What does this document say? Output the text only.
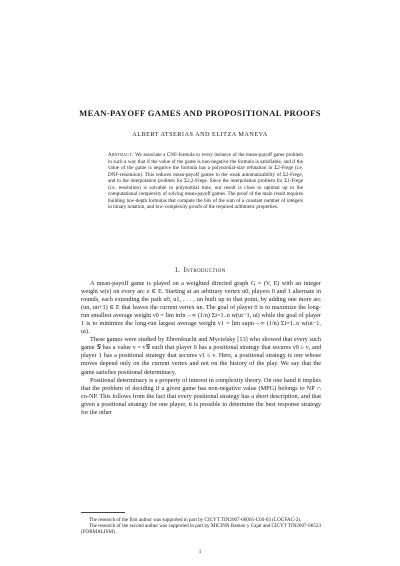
MEAN-PAYOFF GAMES AND PROPOSITIONAL PROOFS
ALBERT ATSERIAS AND ELITZA MANEVA
Abstract. We associate a CNF-formula to every instance of the mean-payoff game problem in such a way that if the value of the game is non-negative the formula is satisfiable, and if the value of the game is negative the formula has a polynomial-size refutation in Σ2-Frege (i.e. DNF-resolution). This reduces mean-payoff games to the weak automatizability of Σ2-Frege, and to the interpolation problem for Σ2,2-Frege. Since the interpolation problem for Σ1-Frege (i.e. resolution) is solvable in polynomial time, our result is close to optimal up to the computational complexity of solving mean-payoff games. The proof of the main result requires building low-depth formulas that compute the bits of the sum of a constant number of integers in binary notation, and low-complexity proofs of the required arithmetic properties.
1. Introduction

A mean-payoff game is played on a weighted directed graph G = (V, E) with an integer weight w(e) on every arc e ∈ E. Starting at an arbitrary vertex u0, players 0 and 1 alternate in rounds, each extending the path u0, u1, . . . , un built up to that point, by adding one more arc (un, un+1) ∈ E that leaves the current vertex un. The goal of player 0 is to maximize the long-run smallest average weight ν0 = lim infn→∞ (1/n) Σi=1..n w(ui−1, ui) while the goal of player 1 is to minimize the long-run largest average weight ν1 = lim supn→∞ (1/n) Σi=1..n w(ui−1, ui).

These games were studied by Ehrenfeucht and Mycielsky [13] who showed that every such game 𝒢 has a value ν = ν𝒢 such that player 0 has a positional strategy that secures ν0 ≥ ν, and player 1 has a positional strategy that secures ν1 ≤ ν. Here, a positional strategy is one whose moves depend only on the current vertex and not on the history of the play. We say that the game satisfies positional determinacy.

Positional determinacy is a property of interest in complexity theory. On one hand it implies that the problem of deciding if a given game has non-negative value (MPG) belongs to NP ∩ co-NP. This follows from the fact that every positional strategy has a short description, and that given a positional strategy for one player, it is possible to determine the best response strategy for the other

The research of the first author was supported in part by CICYT TIN2007-68005-C04-03 (LOGFAC-2).

The research of the second author was supported in part by MICINN Ramon y Cajal and CICYT TIN2007-66523 (FORMALISM).

1
